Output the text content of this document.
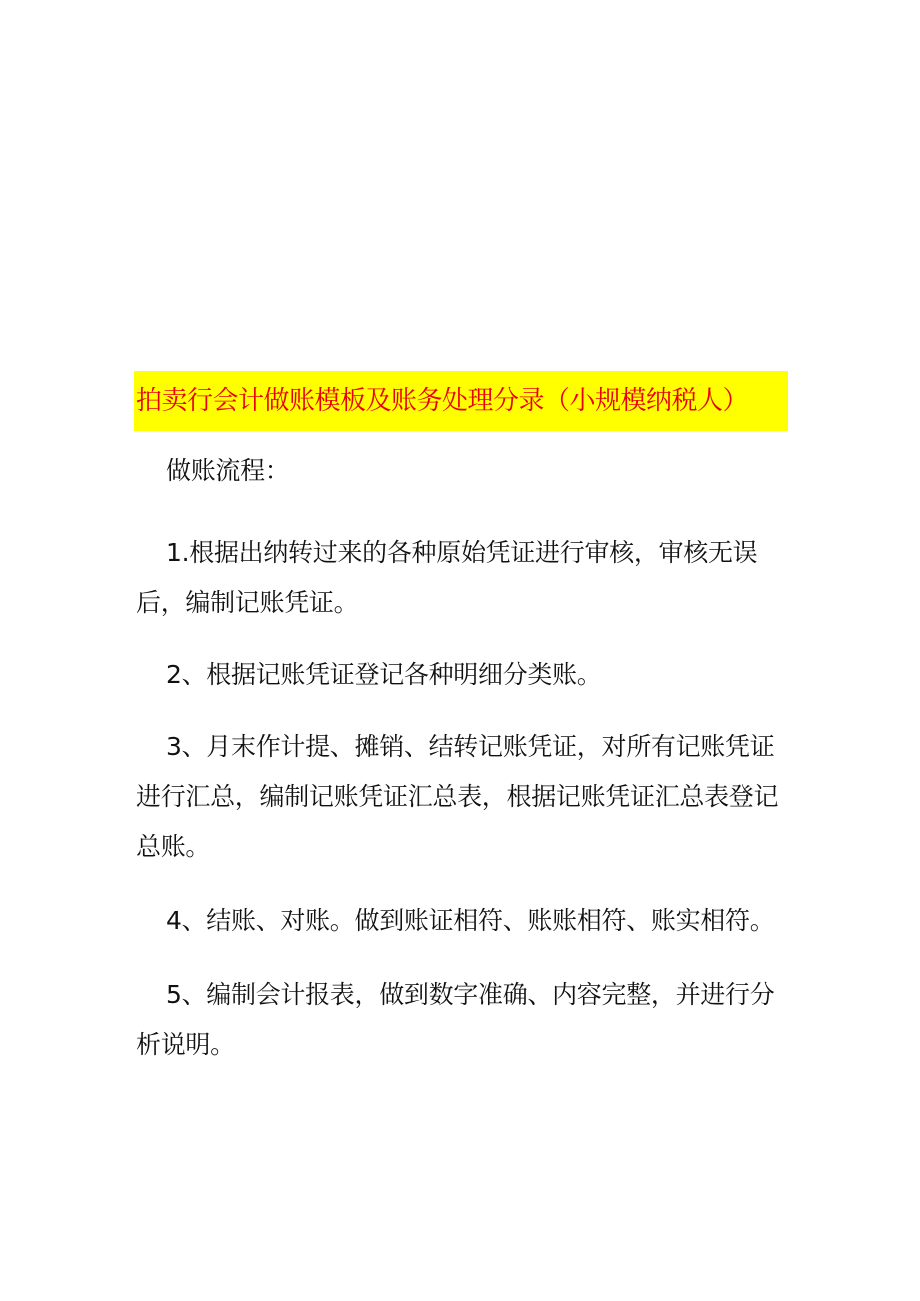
拍卖行会计做账模板及账务处理分录（小规模纳税人）

做账流程：

1.根据出纳转过来的各种原始凭证进行审核，审核无误后，编制记账凭证。

2、根据记账凭证登记各种明细分类账。

3、月末作计提、摊销、结转记账凭证，对所有记账凭证进行汇总，编制记账凭证汇总表，根据记账凭证汇总表登记总账。

4、结账、对账。做到账证相符、账账相符、账实相符。

5、编制会计报表，做到数字准确、内容完整，并进行分析说明。
